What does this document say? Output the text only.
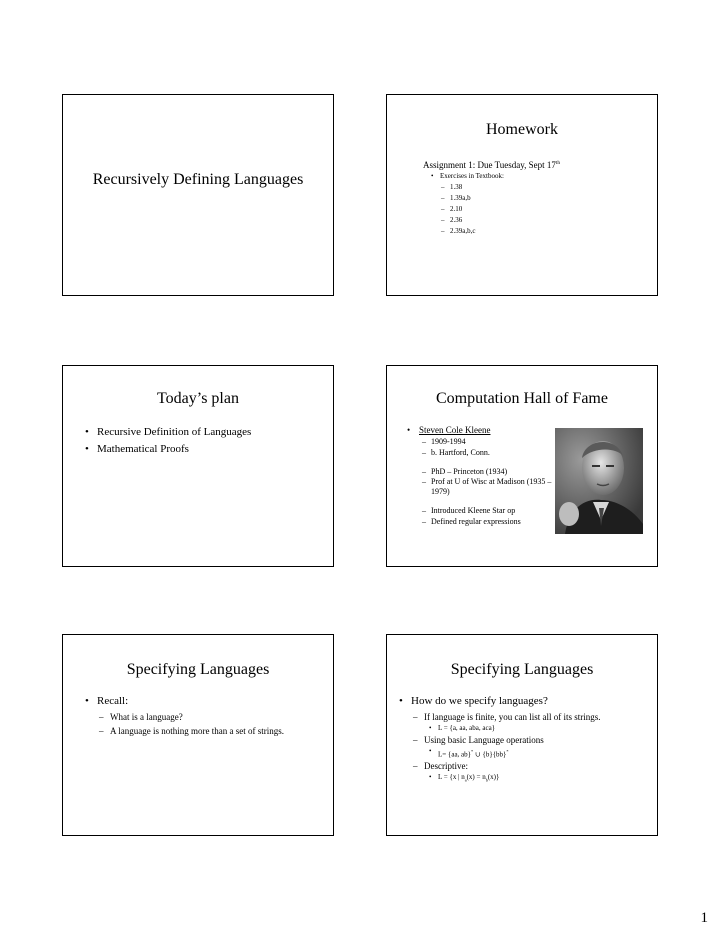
Recursively Defining Languages
Homework
Assignment 1: Due Tuesday, Sept 17th
• Exercises in Textbook:
– 1.38
– 1.39a,b
– 2.10
– 2.36
– 2.39a,b,c
Today’s plan
• Recursive Definition of Languages
• Mathematical Proofs
Computation Hall of Fame
• Steven Cole Kleene
– 1909-1994
– b. Hartford, Conn.
– PhD – Princeton (1934)
– Prof at U of Wisc at Madison (1935 – 1979)
– Introduced Kleene Star op
– Defined regular expressions
Specifying Languages
• Recall:
– What is a language?
– A language is nothing more than a set of strings.
Specifying Languages
• How do we specify languages?
– If language is finite, you can list all of its strings.
• L = {a, aa, aba, aca}
– Using basic Language operations
• L= {aa, ab}* ∪ {b}{bb}*
– Descriptive:
• L = {x | $n_a(x) = n_b(x)$}
1
